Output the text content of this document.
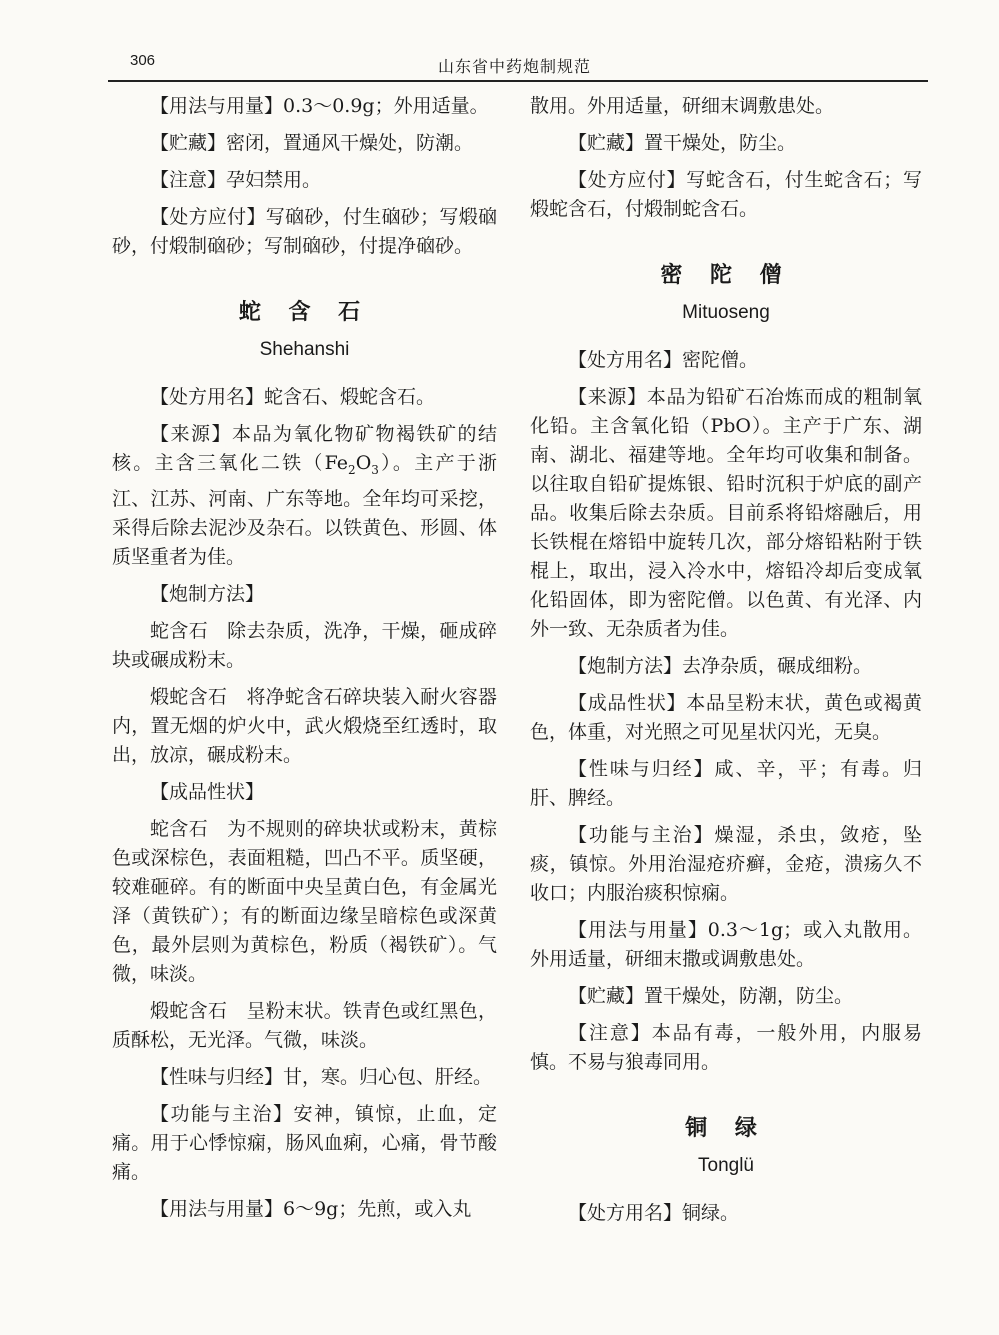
306	山东省中药炮制规范

【用法与用量】0.3～0.9g；外用适量。

【贮藏】密闭，置通风干燥处，防潮。

【注意】孕妇禁用。

【处方应付】写硇砂，付生硇砂；写煅硇砂，付煅制硇砂；写制硇砂，付提净硇砂。

蛇 含 石
Shehanshi

【处方用名】蛇含石、煅蛇含石。

【来源】本品为氧化物矿物褐铁矿的结核。主含三氧化二铁$(Fe_2O_3)$。主产于浙江、江苏、河南、广东等地。全年均可采挖，采得后除去泥沙及杂石。以铁黄色、形圆、体质坚重者为佳。

【炮制方法】

蛇含石　除去杂质，洗净，干燥，砸成碎块或碾成粉末。

煅蛇含石　将净蛇含石碎块装入耐火容器内，置无烟的炉火中，武火煅烧至红透时，取出，放凉，碾成粉末。

【成品性状】

蛇含石　为不规则的碎块状或粉末，黄棕色或深棕色，表面粗糙，凹凸不平。质坚硬，较难砸碎。有的断面中央呈黄白色，有金属光泽（黄铁矿）；有的断面边缘呈暗棕色或深黄色，最外层则为黄棕色，粉质（褐铁矿）。气微，味淡。

煅蛇含石　呈粉末状。铁青色或红黑色，质酥松，无光泽。气微，味淡。

【性味与归经】甘，寒。归心包、肝经。

【功能与主治】安神，镇惊，止血，定痛。用于心悸惊痫，肠风血痢，心痛，骨节酸痛。

【用法与用量】6～9g；先煎，或入丸

散用。外用适量，研细末调敷患处。

【贮藏】置干燥处，防尘。

【处方应付】写蛇含石，付生蛇含石；写煅蛇含石，付煅制蛇含石。

密 陀 僧
Mituoseng

【处方用名】密陀僧。

【来源】本品为铅矿石冶炼而成的粗制氧化铅。主含氧化铅（PbO）。主产于广东、湖南、湖北、福建等地。全年均可收集和制备。以往取自铅矿提炼银、铅时沉积于炉底的副产品。收集后除去杂质。目前系将铅熔融后，用长铁棍在熔铅中旋转几次，部分熔铅粘附于铁棍上，取出，浸入冷水中，熔铅冷却后变成氧化铅固体，即为密陀僧。以色黄、有光泽、内外一致、无杂质者为佳。

【炮制方法】去净杂质，碾成细粉。

【成品性状】本品呈粉末状，黄色或褐黄色，体重，对光照之可见星状闪光，无臭。

【性味与归经】咸、辛，平；有毒。归肝、脾经。

【功能与主治】燥湿，杀虫，敛疮，坠痰，镇惊。外用治湿疮疥癣，金疮，溃疡久不收口；内服治痰积惊痫。

【用法与用量】0.3～1g；或入丸散用。外用适量，研细末撒或调敷患处。

【贮藏】置干燥处，防潮，防尘。

【注意】本品有毒，一般外用，内服易慎。不易与狼毒同用。

铜 绿
Tonglü

【处方用名】铜绿。
